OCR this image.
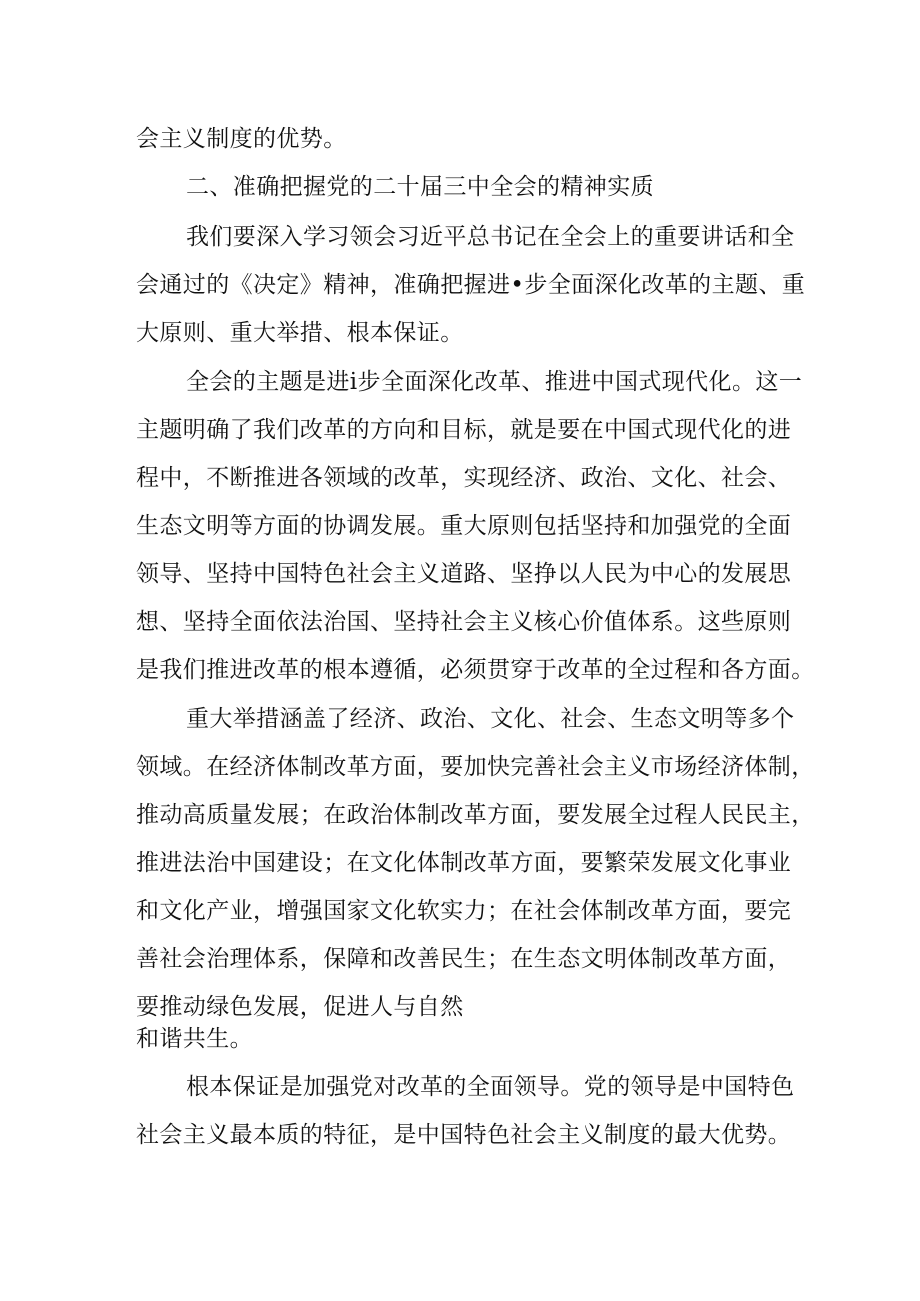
会主义制度的优势。
二、准确把握党的二十届三中全会的精神实质
我们要深入学习领会习近平总书记在全会上的重要讲话和全
会通过的《决定》精神，准确把握进•步全面深化改革的主题、重
大原则、重大举措、根本保证。
全会的主题是进i步全面深化改革、推进中国式现代化。这一
主题明确了我们改革的方向和目标，就是要在中国式现代化的进
程中，不断推进各领域的改革，实现经济、政治、文化、社会、
生态文明等方面的协调发展。重大原则包括坚持和加强党的全面
领导、坚持中国特色社会主义道路、坚挣以人民为中心的发展思
想、坚持全面依法治国、坚持社会主义核心价值体系。这些原则
是我们推进改革的根本遵循，必须贯穿于改革的全过程和各方面。
重大举措涵盖了经济、政治、文化、社会、生态文明等多个
领域。在经济体制改革方面，要加快完善社会主义市场经济体制，
推动高质量发展；在政治体制改革方面，要发展全过程人民民主，
推进法治中国建设；在文化体制改革方面，要繁荣发展文化事业
和文化产业，增强国家文化软实力；在社会体制改革方面，要完
善社会治理体系，保障和改善民生；在生态文明体制改革方面，
要推动绿色发展，促进人与自然
和谐共生。
根本保证是加强党对改革的全面领导。党的领导是中国特色
社会主义最本质的特征，是中国特色社会主义制度的最大优势。
